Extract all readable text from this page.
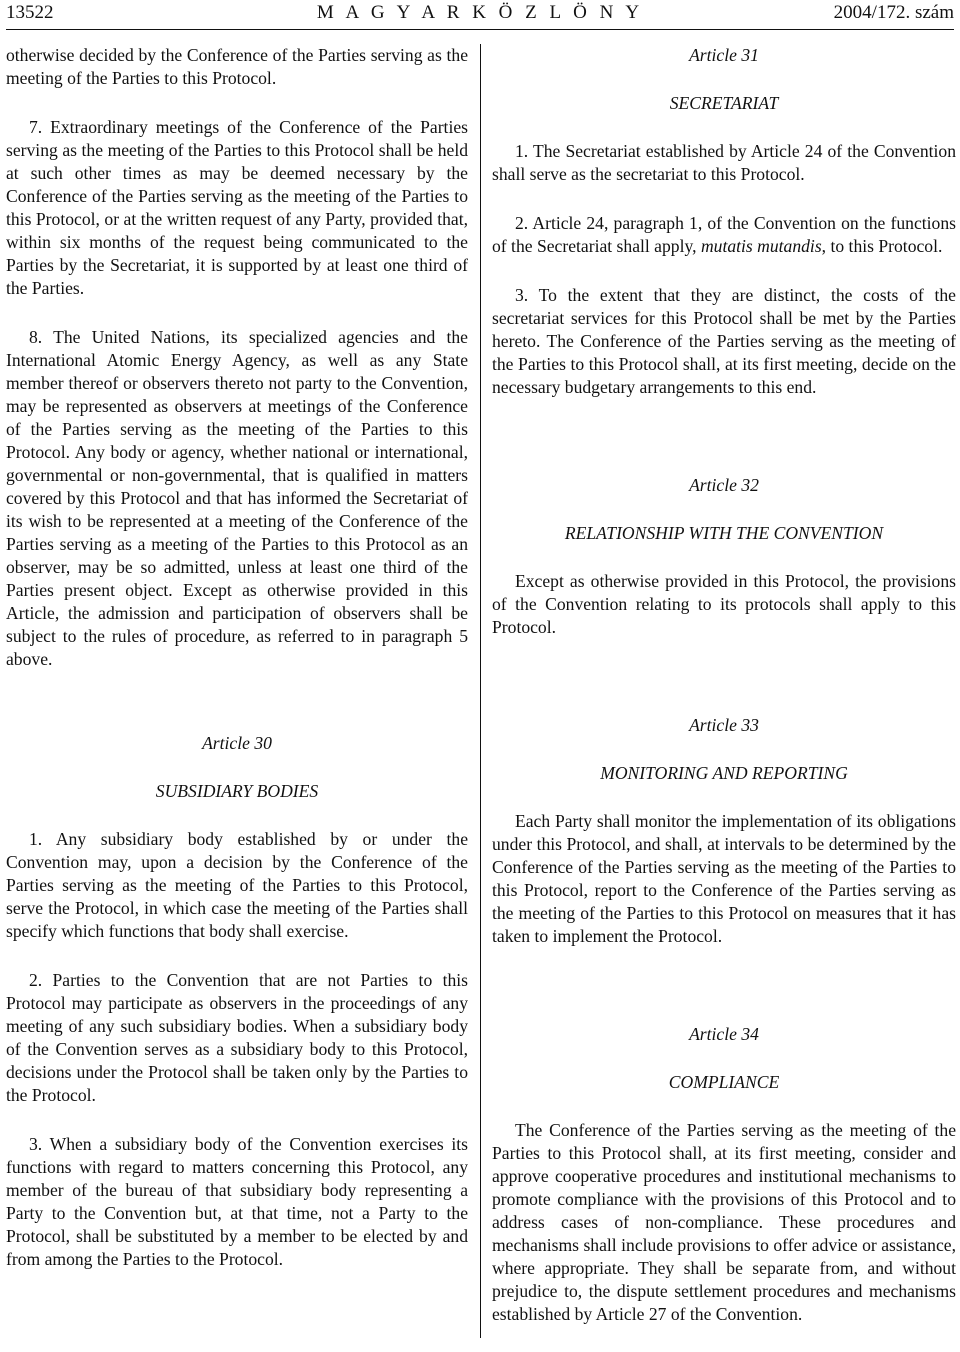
13522	M A G Y A R K Ö Z L Ö N Y	2004/172. szám

otherwise decided by the Conference of the Parties serving as the meeting of the Parties to this Protocol.

7. Extraordinary meetings of the Conference of the Parties serving as the meeting of the Parties to this Protocol shall be held at such other times as may be deemed necessary by the Conference of the Parties serving as the meeting of the Parties to this Protocol, or at the written request of any Party, provided that, within six months of the request being communicated to the Parties by the Secretariat, it is supported by at least one third of the Parties.

8. The United Nations, its specialized agencies and the International Atomic Energy Agency, as well as any State member thereof or observers thereto not party to the Convention, may be represented as observers at meetings of the Conference of the Parties serving as the meeting of the Parties to this Protocol. Any body or agency, whether national or international, governmental or non-governmental, that is qualified in matters covered by this Protocol and that has informed the Secretariat of its wish to be represented at a meeting of the Conference of the Parties serving as a meeting of the Parties to this Protocol as an observer, may be so admitted, unless at least one third of the Parties present object. Except as otherwise provided in this Article, the admission and participation of observers shall be subject to the rules of procedure, as referred to in paragraph 5 above.

Article 30

SUBSIDIARY BODIES

1. Any subsidiary body established by or under the Convention may, upon a decision by the Conference of the Parties serving as the meeting of the Parties to this Protocol, serve the Protocol, in which case the meeting of the Parties shall specify which functions that body shall exercise.

2. Parties to the Convention that are not Parties to this Protocol may participate as observers in the proceedings of any meeting of any such subsidiary bodies. When a subsidiary body of the Convention serves as a subsidiary body to this Protocol, decisions under the Protocol shall be taken only by the Parties to the Protocol.

3. When a subsidiary body of the Convention exercises its functions with regard to matters concerning this Protocol, any member of the bureau of that subsidiary body representing a Party to the Convention but, at that time, not a Party to the Protocol, shall be substituted by a member to be elected by and from among the Parties to the Protocol.

Article 31

SECRETARIAT

1. The Secretariat established by Article 24 of the Convention shall serve as the secretariat to this Protocol.

2. Article 24, paragraph 1, of the Convention on the functions of the Secretariat shall apply, mutatis mutandis, to this Protocol.

3. To the extent that they are distinct, the costs of the secretariat services for this Protocol shall be met by the Parties hereto. The Conference of the Parties serving as the meeting of the Parties to this Protocol shall, at its first meeting, decide on the necessary budgetary arrangements to this end.

Article 32

RELATIONSHIP WITH THE CONVENTION

Except as otherwise provided in this Protocol, the provisions of the Convention relating to its protocols shall apply to this Protocol.

Article 33

MONITORING AND REPORTING

Each Party shall monitor the implementation of its obligations under this Protocol, and shall, at intervals to be determined by the Conference of the Parties serving as the meeting of the Parties to this Protocol, report to the Conference of the Parties serving as the meeting of the Parties to this Protocol on measures that it has taken to implement the Protocol.

Article 34

COMPLIANCE

The Conference of the Parties serving as the meeting of the Parties to this Protocol shall, at its first meeting, consider and approve cooperative procedures and institutional mechanisms to promote compliance with the provisions of this Protocol and to address cases of non-compliance. These procedures and mechanisms shall include provisions to offer advice or assistance, where appropriate. They shall be separate from, and without prejudice to, the dispute settlement procedures and mechanisms established by Article 27 of the Convention.
